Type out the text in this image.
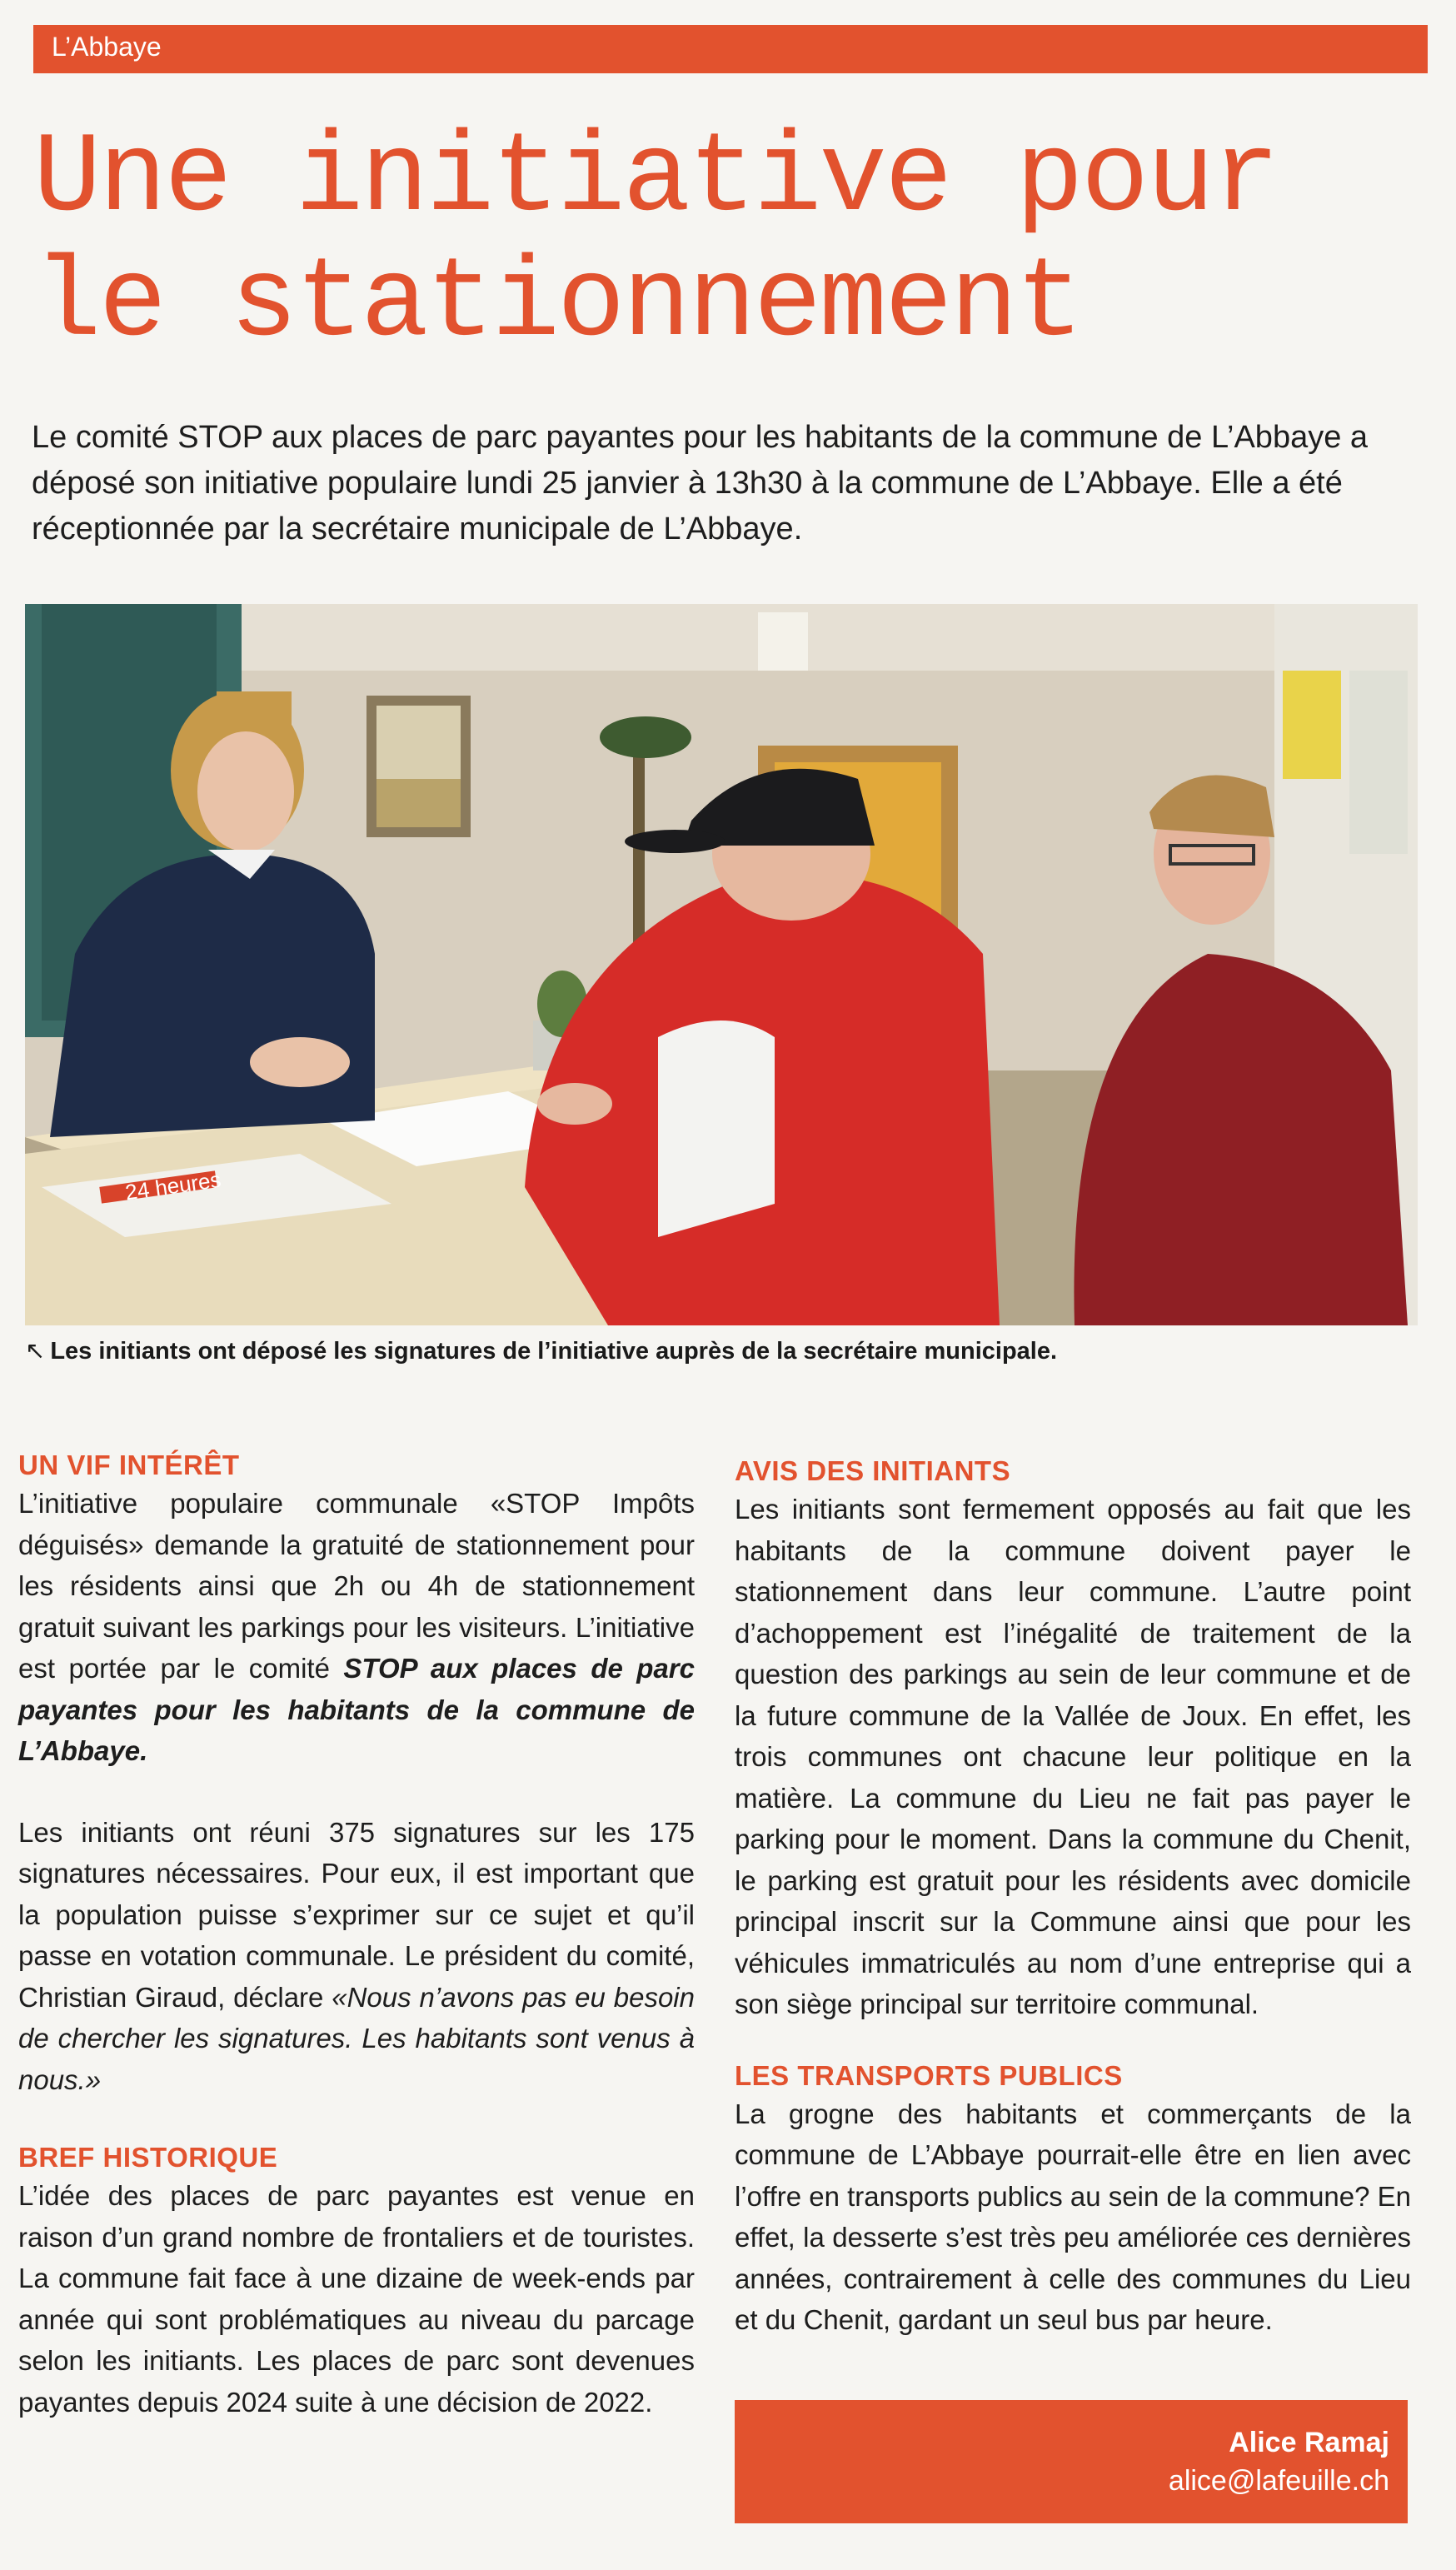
L’Abbaye
Une initiative pour
le stationnement

Le comité STOP aux places de parc payantes pour les habitants de la commune de L’Abbaye a déposé son initiative populaire lundi 25 janvier à 13h30 à la commune de L’Abbaye. Elle a été réceptionnée par la secrétaire municipale de L’Abbaye.

24 heures

↖ Les initiants ont déposé les signatures de l’initiative auprès de la secrétaire municipale.

UN VIF INTÉRÊT

L’initiative populaire communale «STOP Impôts déguisés» demande la gratuité de stationnement pour les résidents ainsi que 2h ou 4h de stationnement gratuit suivant les parkings pour les visiteurs. L’initiative est portée par le comité STOP aux places de parc payantes pour les habitants de la commune de L’Abbaye.

Les initiants ont réuni 375 signatures sur les 175 signatures nécessaires. Pour eux, il est important que la population puisse s’exprimer sur ce sujet et qu’il passe en votation communale. Le président du comité, Christian Giraud, déclare «Nous n’avons pas eu besoin de chercher les signatures. Les habitants sont venus à nous.»

BREF HISTORIQUE

L’idée des places de parc payantes est venue en raison d’un grand nombre de frontaliers et de touristes. La commune fait face à une dizaine de week-ends par année qui sont problématiques au niveau du parcage selon les initiants. Les places de parc sont devenues payantes depuis 2024 suite à une décision de 2022.

AVIS DES INITIANTS

Les initiants sont fermement opposés au fait que les habitants de la commune doivent payer le stationnement dans leur commune. L’autre point d’achoppement est l’inégalité de traitement de la question des parkings au sein de leur commune et de la future commune de la Vallée de Joux. En effet, les trois communes ont chacune leur politique en la matière. La commune du Lieu ne fait pas payer le parking pour le moment. Dans la commune du Chenit, le parking est gratuit pour les résidents avec domicile principal inscrit sur la Commune ainsi que pour les véhicules immatriculés au nom d’une entreprise qui a son siège principal sur territoire communal.

LES TRANSPORTS PUBLICS

La grogne des habitants et commerçants de la commune de L’Abbaye pourrait-elle être en lien avec l’offre en transports publics au sein de la commune? En effet, la desserte s’est très peu améliorée ces dernières années, contrairement à celle des communes du Lieu et du Chenit, gardant un seul bus par heure.

Alice Ramaj
alice@lafeuille.ch
